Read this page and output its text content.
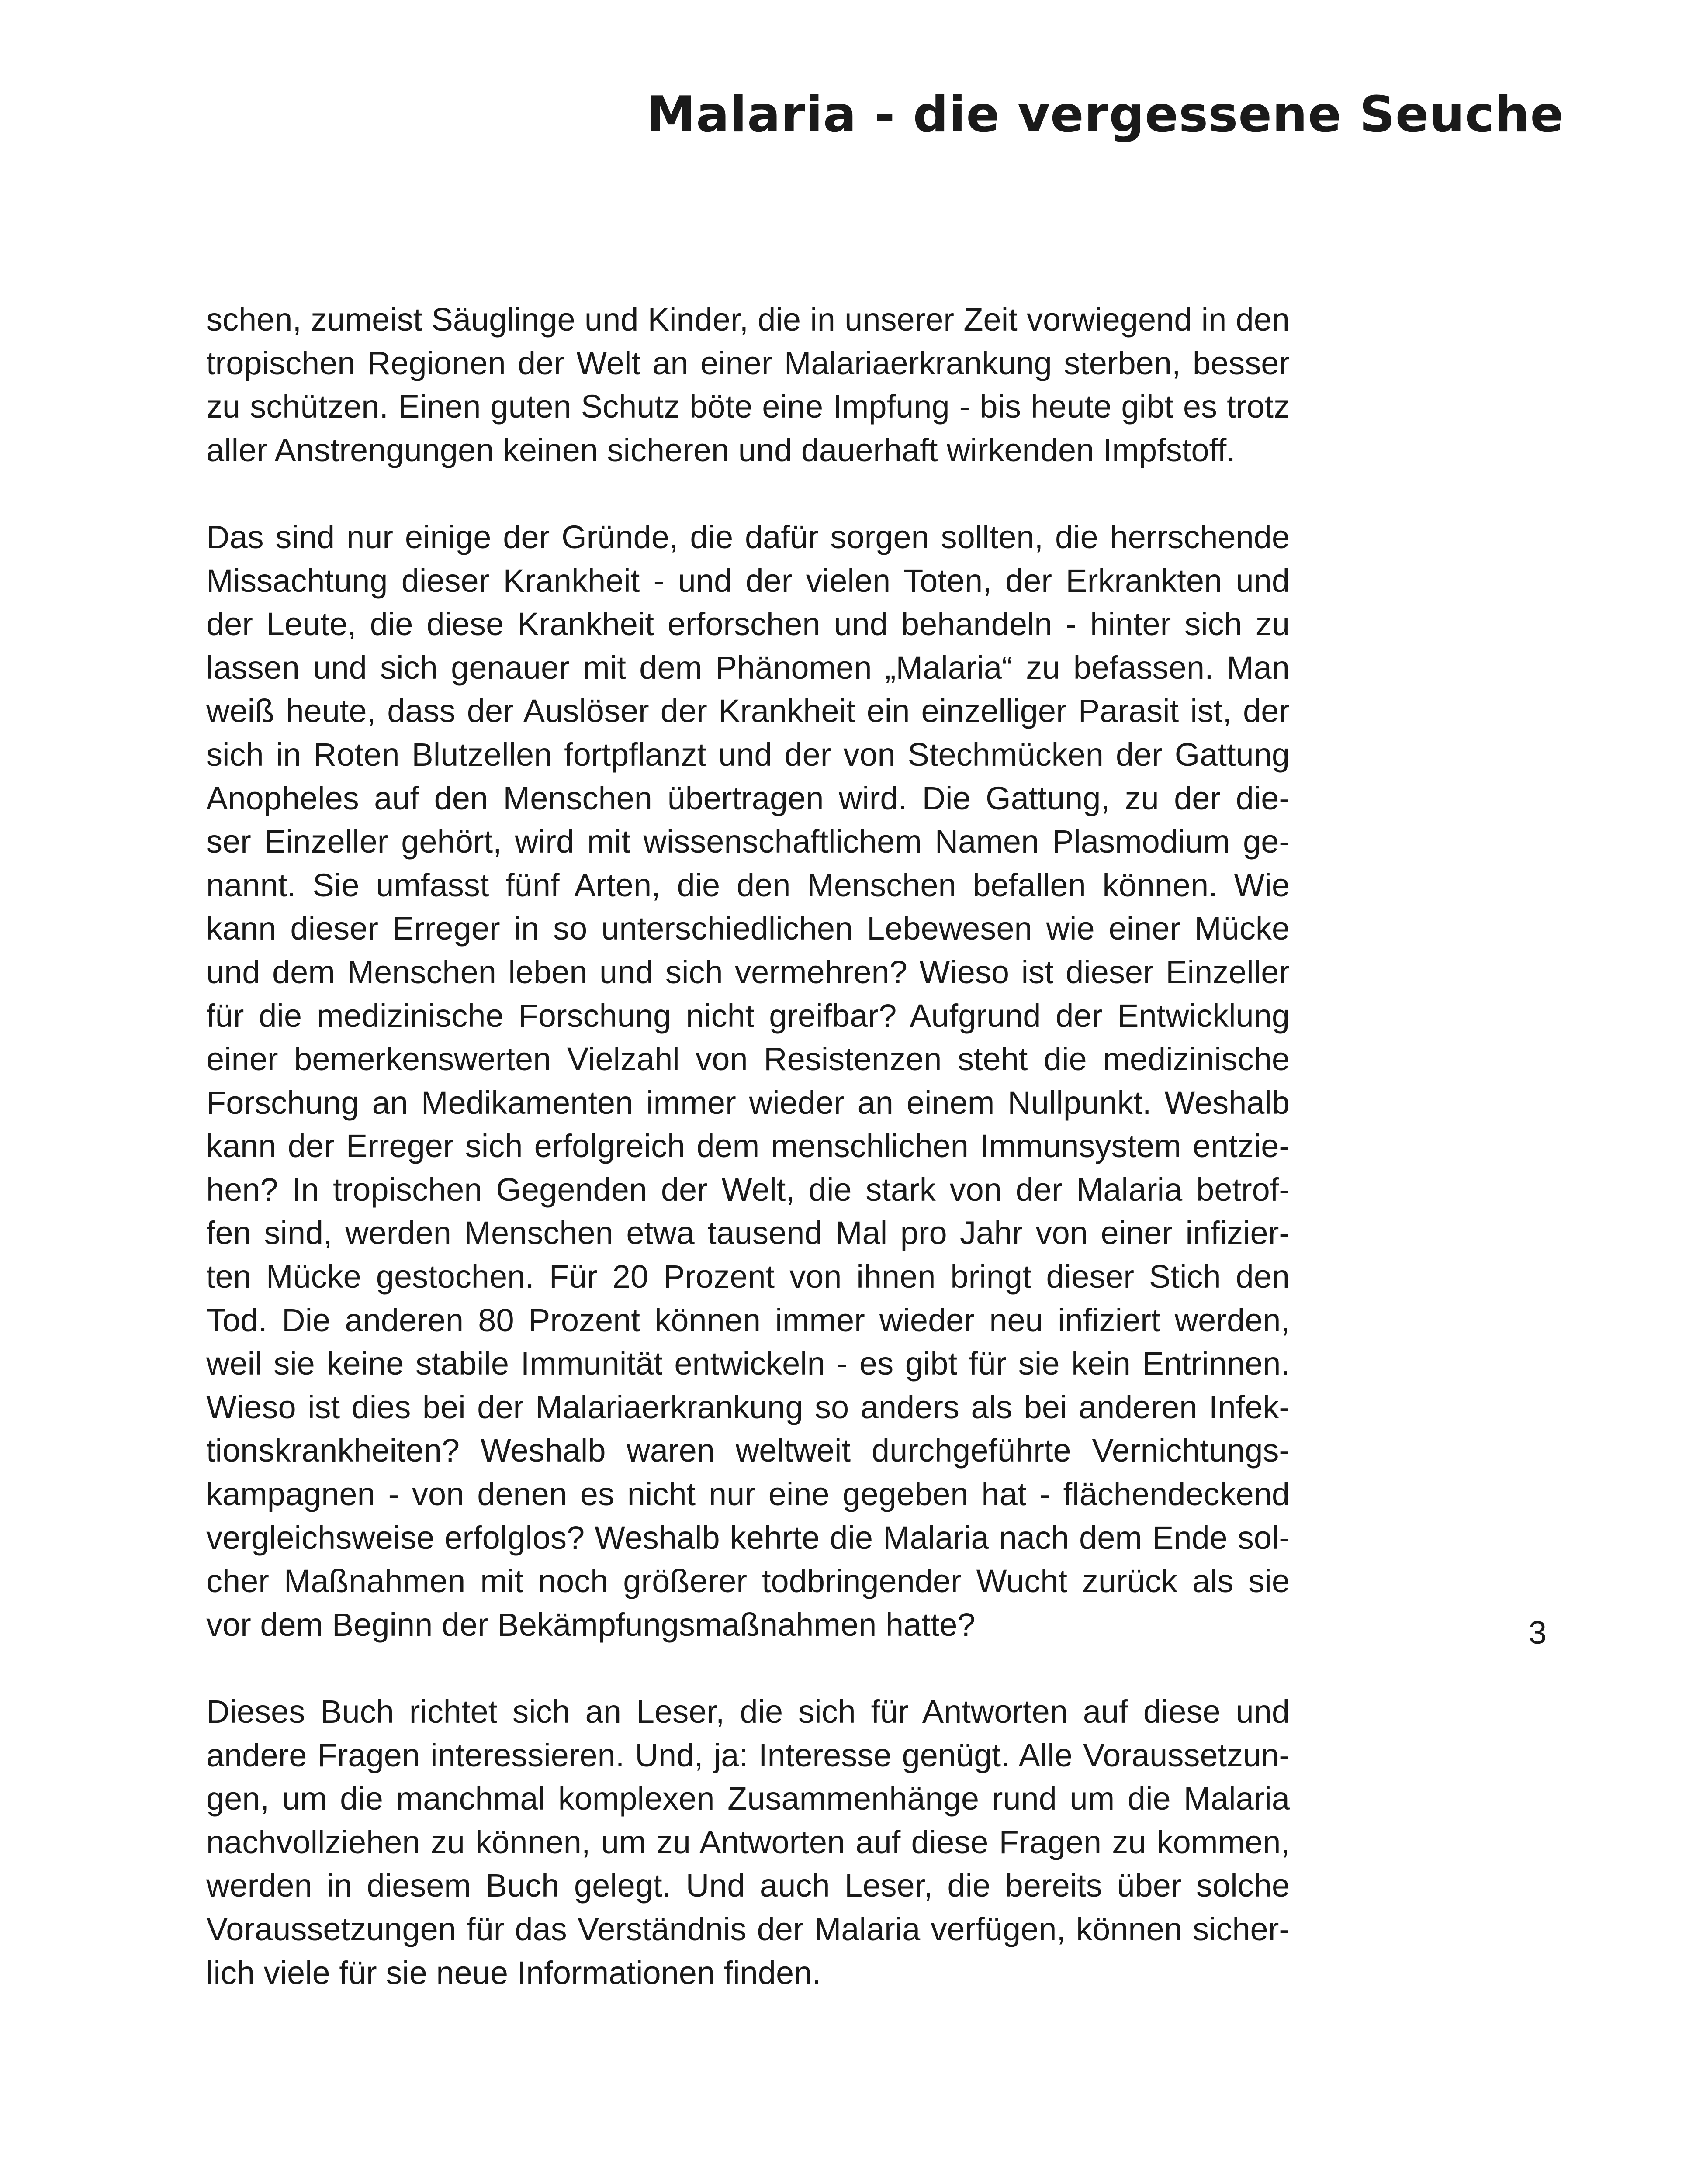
Malaria - die vergessene Seuche
schen, zumeist Säuglinge und Kinder, die in unserer Zeit vorwiegend in den
tropischen Regionen der Welt an einer Malariaerkrankung sterben, besser
zu schützen. Einen guten Schutz böte eine Impfung - bis heute gibt es trotz
aller Anstrengungen keinen sicheren und dauerhaft wirkenden Impfstoff.
Das sind nur einige der Gründe, die dafür sorgen sollten, die herrschende
Missachtung dieser Krankheit - und der vielen Toten, der Erkrankten und
der Leute, die diese Krankheit erforschen und behandeln - hinter sich zu
lassen und sich genauer mit dem Phänomen „Malaria“ zu befassen. Man
weiß heute, dass der Auslöser der Krankheit ein einzelliger Parasit ist, der
sich in Roten Blutzellen fortpflanzt und der von Stechmücken der Gattung
Anopheles auf den Menschen übertragen wird. Die Gattung, zu der die-
ser Einzeller gehört, wird mit wissenschaftlichem Namen Plasmodium ge-
nannt. Sie umfasst fünf Arten, die den Menschen befallen können. Wie
kann dieser Erreger in so unterschiedlichen Lebewesen wie einer Mücke
und dem Menschen leben und sich vermehren? Wieso ist dieser Einzeller
für die medizinische Forschung nicht greifbar? Aufgrund der Entwicklung
einer bemerkenswerten Vielzahl von Resistenzen steht die medizinische
Forschung an Medikamenten immer wieder an einem Nullpunkt. Weshalb
kann der Erreger sich erfolgreich dem menschlichen Immunsystem entzie-
hen? In tropischen Gegenden der Welt, die stark von der Malaria betrof-
fen sind, werden Menschen etwa tausend Mal pro Jahr von einer infizier-
ten Mücke gestochen. Für 20 Prozent von ihnen bringt dieser Stich den
Tod. Die anderen 80 Prozent können immer wieder neu infiziert werden,
weil sie keine stabile Immunität entwickeln - es gibt für sie kein Entrinnen.
Wieso ist dies bei der Malariaerkrankung so anders als bei anderen Infek-
tionskrankheiten? Weshalb waren weltweit durchgeführte Vernichtungs-
kampagnen - von denen es nicht nur eine gegeben hat - flächendeckend
vergleichsweise erfolglos? Weshalb kehrte die Malaria nach dem Ende sol-
cher Maßnahmen mit noch größerer todbringender Wucht zurück als sie
vor dem Beginn der Bekämpfungsmaßnahmen hatte?
Dieses Buch richtet sich an Leser, die sich für Antworten auf diese und
andere Fragen interessieren. Und, ja: Interesse genügt. Alle Voraussetzun-
gen, um die manchmal komplexen Zusammenhänge rund um die Malaria
nachvollziehen zu können, um zu Antworten auf diese Fragen zu kommen,
werden in diesem Buch gelegt. Und auch Leser, die bereits über solche
Voraussetzungen für das Verständnis der Malaria verfügen, können sicher-
lich viele für sie neue Informationen finden.
3
